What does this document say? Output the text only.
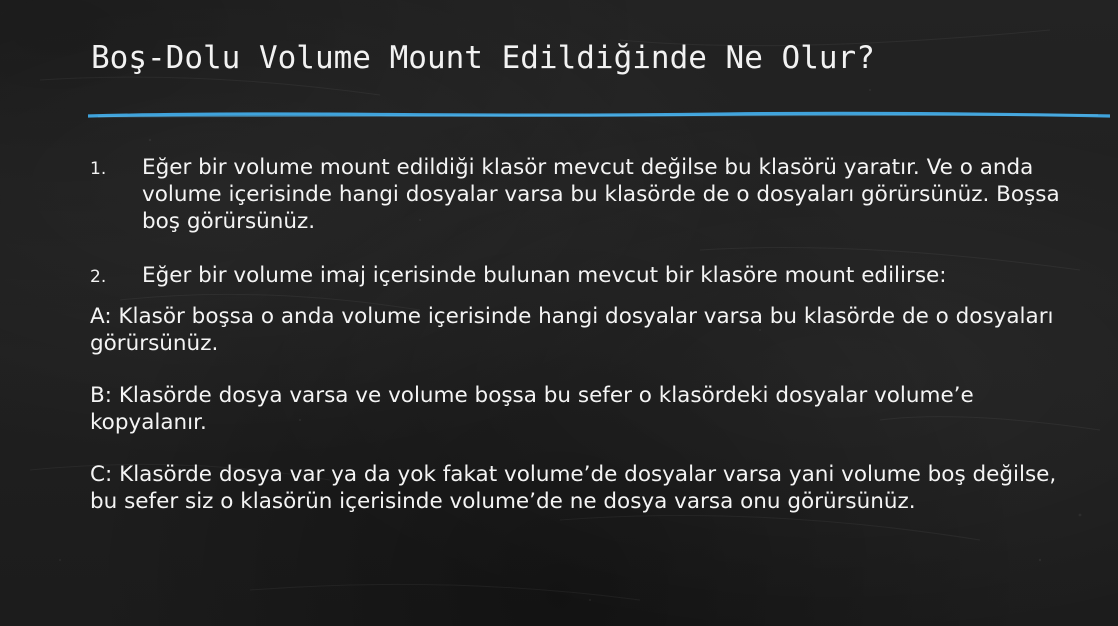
Boş-Dolu Volume Mount Edildiğinde Ne Olur?
1. Eğer bir volume mount edildiği klasör mevcut değilse bu klasörü yaratır. Ve o anda volume içerisinde hangi dosyalar varsa bu klasörde de o dosyaları görürsünüz. Boşsa boş görürsünüz.
2. Eğer bir volume imaj içerisinde bulunan mevcut bir klasöre mount edilirse:
A: Klasör boşsa o anda volume içerisinde hangi dosyalar varsa bu klasörde de o dosyaları görürsünüz.
B: Klasörde dosya varsa ve volume boşsa bu sefer o klasördeki dosyalar volume’e kopyalanır.
C: Klasörde dosya var ya da yok fakat volume’de dosyalar varsa yani volume boş değilse, bu sefer siz o klasörün içerisinde volume’de ne dosya varsa onu görürsünüz.
